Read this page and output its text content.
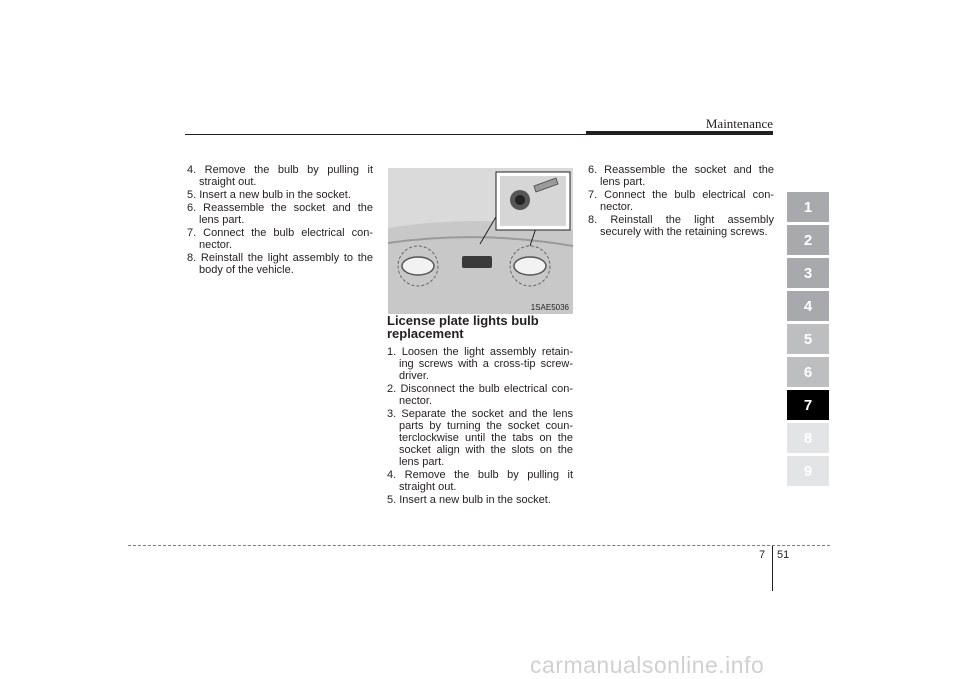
Maintenance
4. Remove the bulb by pulling it straight out.
5. Insert a new bulb in the socket.
6. Reassemble the socket and the lens part.
7. Connect the bulb electrical con-nector.
8. Reinstall the light assembly to the body of the vehicle.
1SAE5036
License plate lights bulb replacement
1. Loosen the light assembly retain-ing screws with a cross-tip screw-driver.
2. Disconnect the bulb electrical con-nector.
3. Separate the socket and the lens parts by turning the socket coun-terclockwise until the tabs on the socket align with the slots on the lens part.
4. Remove the bulb by pulling it straight out.
5. Insert a new bulb in the socket.
6. Reassemble the socket and the lens part.
7. Connect the bulb electrical con-nector.
8. Reinstall the light assembly securely with the retaining screws.
1
2
3
4
5
6
7
8
9
7 51
carmanualsonline.info
